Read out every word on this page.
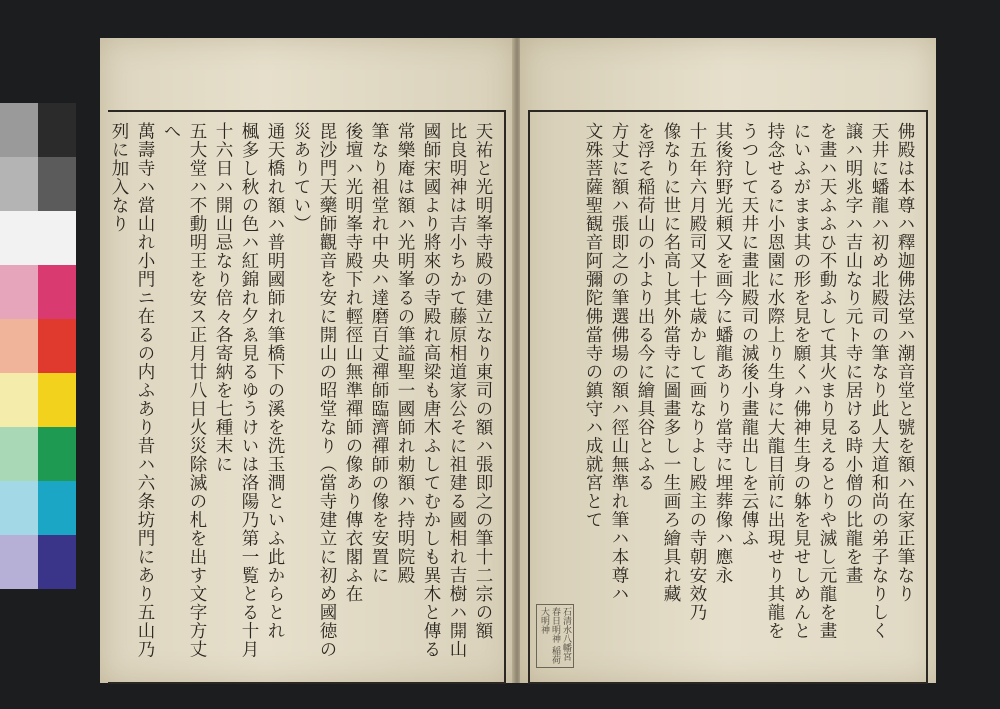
天祐と光明峯寺殿の建立なり東司の額ハ張即之の筆十二宗の額
比良明神は吉小ちかて藤原相道家公そに祖建る國相れ吉樹ハ開山
國師宋國より將來の寺殿れ高梁も唐木ふしてむかしも異木と傳る
常樂庵は額ハ光明峯るの筆謚聖一國師れ勅額ハ持明院殿
筆なり祖堂れ中央ハ達磨百丈禪師臨濟禪師の像を安置に
後壇ハ光明峯寺殿下れ輕徑山無準禪師の像あり傳衣閣ふ在
毘沙門天藥師觀音を安に開山の昭堂なり（當寺建立に初め國徳の災ありてい）
通天橋れ額ハ普明國師れ筆橋下の溪を洗玉澗といふ此からとれ
楓多し秋の色ハ紅錦れ夕ゑ見るゆうけいは洛陽乃第一覧とる十月
十六日ハ開山忌なり倍々各寄納を七種末に
五大堂ハ不動明王を安ス正月廿八日火災除滅の札を出す文字方丈へ
萬壽寺ハ當山れ小門ニ在るの内ふあり昔ハ六条坊門にあり五山乃
列に加入なり	佛殿は本尊ハ釋迦佛法堂ハ潮音堂と號を額ハ在家正筆なり
天井に蟠龍ハ初め北殿司の筆なり此人大道和尚の弟子なりしく
譲ハ明兆字ハ吉山なり元ト寺に居ける時小僧の比龍を畫
を畫ハ天ふふひ不動ふして其火まり見えるとりや滅し元龍を畫
にいふがまま其の形を見を願くハ佛神生身の躰を見せしめんと
持念せるに小恩園に水際上り生身に大龍目前に出現せり其龍を
うつして天井に畫北殿司の滅後小畫龍出しを云傳ふ
其後狩野光頼又を画今に蟠龍ありり當寺に埋葬像ハ應永
十五年六月殿司又十七歳かして画なりよし殿主の寺朝安效乃
像なりに世に名高し其外當寺に圖畫多し一生画ろ繪具れ藏
を浮そ稲荷山の小より出る今に繪具谷とふる
方丈に額ハ張即之の筆選佛場の額ハ徑山無準れ筆ハ本尊ハ
文殊菩薩聖観音阿彌陀佛當寺の鎮守ハ成就宮とて
石清水八幡宮 春日明神 稲荷大明神
